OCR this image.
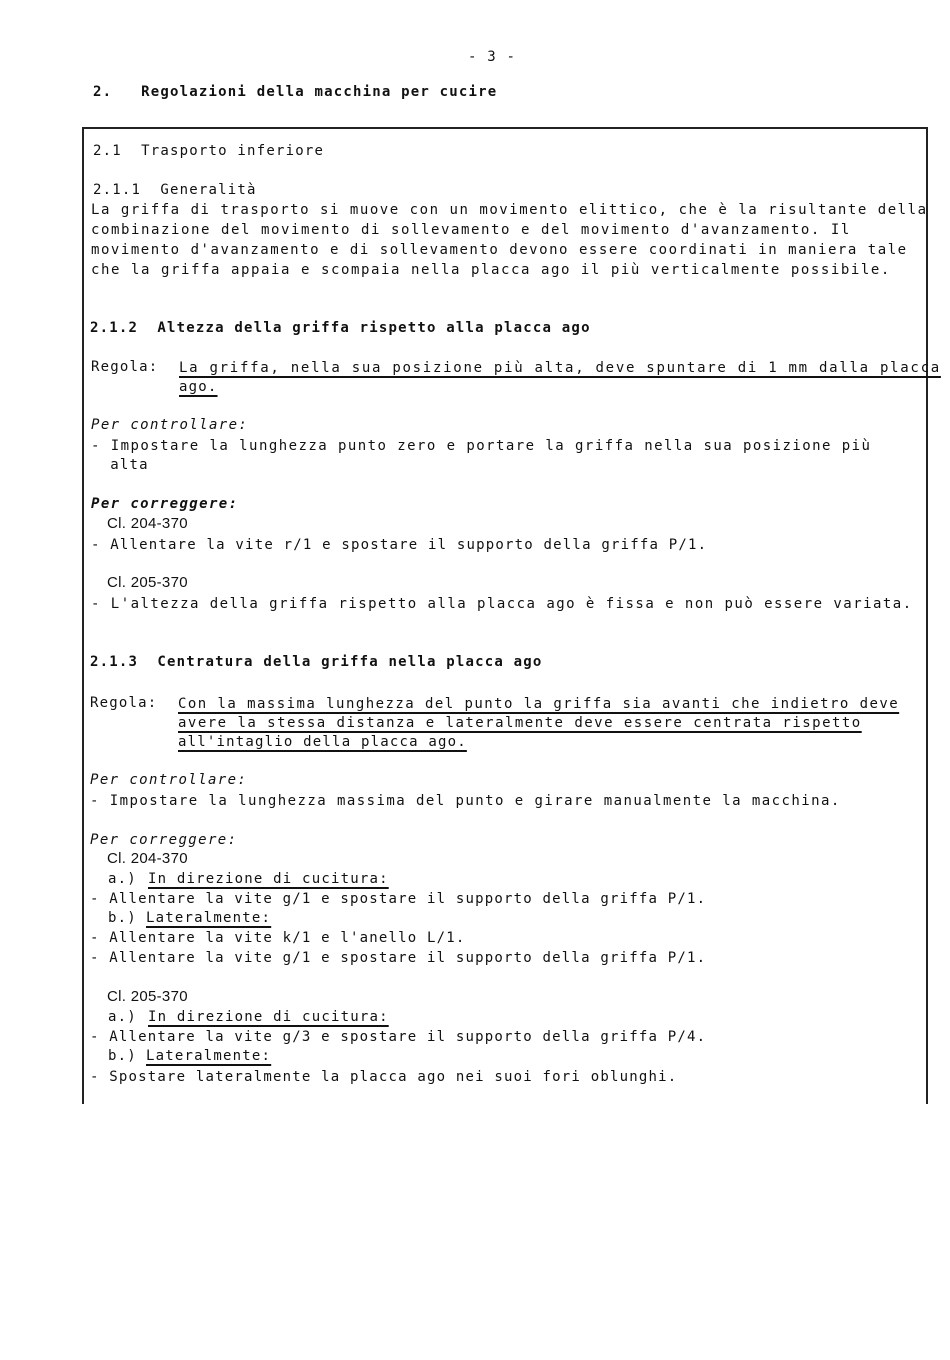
- 3 -
2.   Regolazioni della macchina per cucire
2.1  Trasporto inferiore
2.1.1  Generalità
La griffa di trasporto si muove con un movimento elittico, che è la risultante della
combinazione del movimento di sollevamento e del movimento d'avanzamento. Il
movimento d'avanzamento e di sollevamento devono essere coordinati in maniera tale
che la griffa appaia e scompaia nella placca ago il più verticalmente possibile.
2.1.2  Altezza della griffa rispetto alla placca ago
Regola: La griffa, nella sua posizione più alta, deve spuntare di 1 mm dalla placca
ago.
Per controllare:
- Impostare la lunghezza punto zero e portare la griffa nella sua posizione più
alta
Per correggere:
Cl. 204-370
- Allentare la vite r/1 e spostare il supporto della griffa P/1.
Cl. 205-370
- L'altezza della griffa rispetto alla placca ago è fissa e non può essere variata.
2.1.3  Centratura della griffa nella placca ago
Regola: Con la massima lunghezza del punto la griffa sia avanti che indietro deve
avere la stessa distanza e lateralmente deve essere centrata rispetto
all'intaglio della placca ago.
Per controllare:
- Impostare la lunghezza massima del punto e girare manualmente la macchina.
Per correggere:
Cl. 204-370
a.) In direzione di cucitura:
- Allentare la vite g/1 e spostare il supporto della griffa P/1.
b.) Lateralmente:
- Allentare la vite k/1 e l'anello L/1.
- Allentare la vite g/1 e spostare il supporto della griffa P/1.
Cl. 205-370
a.) In direzione di cucitura:
- Allentare la vite g/3 e spostare il supporto della griffa P/4.
b.) Lateralmente:
- Spostare lateralmente la placca ago nei suoi fori oblunghi.
